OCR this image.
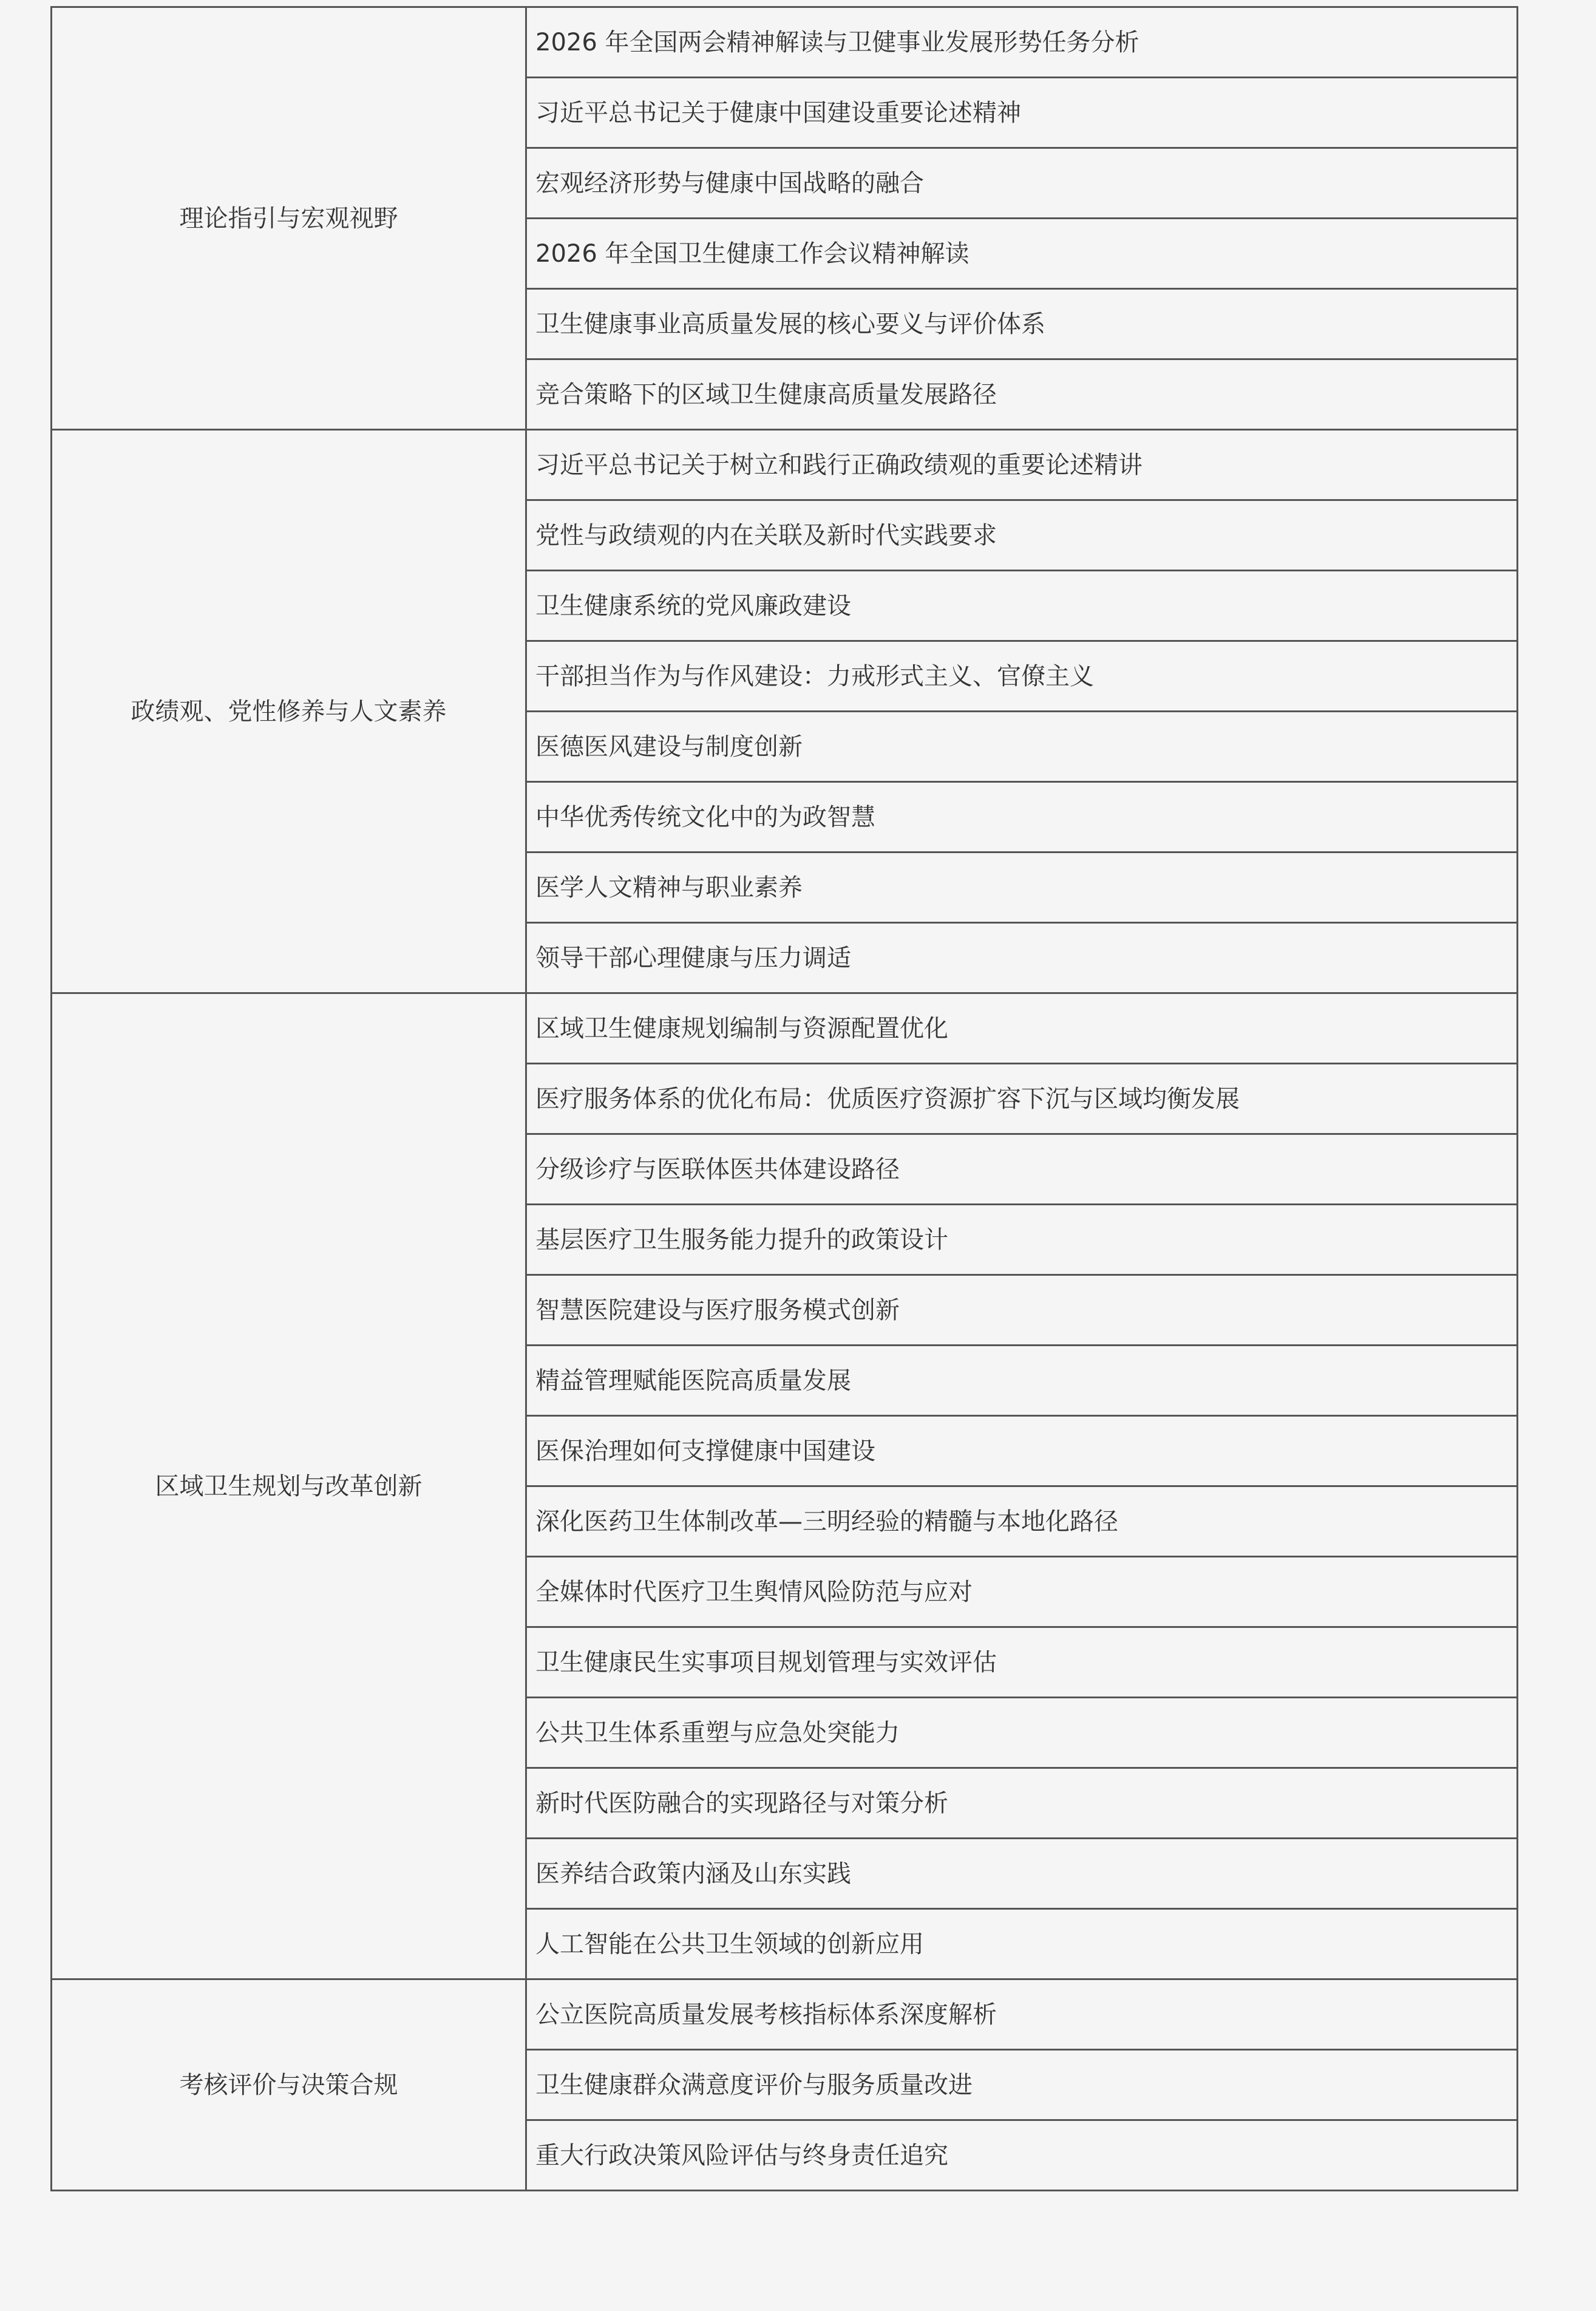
理论指引与宏观视野	2026 年全国两会精神解读与卫健事业发展形势任务分析
	习近平总书记关于健康中国建设重要论述精神
	宏观经济形势与健康中国战略的融合
	2026 年全国卫生健康工作会议精神解读
	卫生健康事业高质量发展的核心要义与评价体系
	竞合策略下的区域卫生健康高质量发展路径
政绩观、党性修养与人文素养	习近平总书记关于树立和践行正确政绩观的重要论述精讲
	党性与政绩观的内在关联及新时代实践要求
	卫生健康系统的党风廉政建设
	干部担当作为与作风建设：力戒形式主义、官僚主义
	医德医风建设与制度创新
	中华优秀传统文化中的为政智慧
	医学人文精神与职业素养
	领导干部心理健康与压力调适
区域卫生规划与改革创新	区域卫生健康规划编制与资源配置优化
	医疗服务体系的优化布局：优质医疗资源扩容下沉与区域均衡发展
	分级诊疗与医联体医共体建设路径
	基层医疗卫生服务能力提升的政策设计
	智慧医院建设与医疗服务模式创新
	精益管理赋能医院高质量发展
	医保治理如何支撑健康中国建设
	深化医药卫生体制改革—三明经验的精髓与本地化路径
	全媒体时代医疗卫生舆情风险防范与应对
	卫生健康民生实事项目规划管理与实效评估
	公共卫生体系重塑与应急处突能力
	新时代医防融合的实现路径与对策分析
	医养结合政策内涵及山东实践
	人工智能在公共卫生领域的创新应用
考核评价与决策合规	公立医院高质量发展考核指标体系深度解析
	卫生健康群众满意度评价与服务质量改进
	重大行政决策风险评估与终身责任追究
